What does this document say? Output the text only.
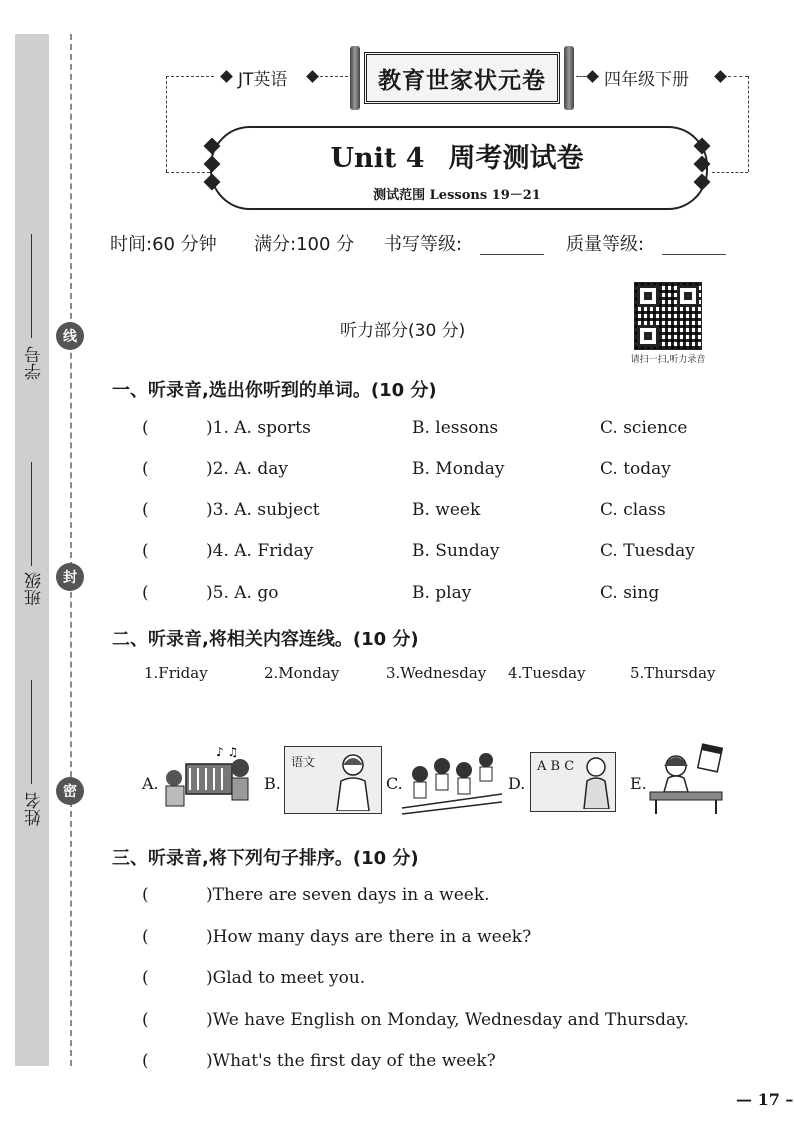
学号
班级
姓名
线
封
密
JT英语	教育世家状元卷	四年级下册
Unit 4 周考测试卷
测试范围 Lessons 19－21
时间:60 分钟 满分:100 分 书写等级:	质量等级:
请扫一扫,听力录音
听力部分(30 分)
一、听录音,选出你听到的单词。(10 分)
(	)1. A. sports	B. lessons	C. science
(	)2. A. day	B. Monday	C. today
(	)3. A. subject	B. week	C. class
(	)4. A. Friday	B. Sunday	C. Tuesday
(	)5. A. go	B. play	C. sing
二、听录音,将相关内容连线。(10 分)
1.Friday	2.Monday	3.Wednesday 4.Tuesday	5.Thursday
A.
♪ ♫
B.
语文
C.	D.
A B C
E.
三、听录音,将下列句子排序。(10 分)
(	)There are seven days in a week.
(	)How many days are there in a week?
(	)Glad to meet you.
(	)We have English on Monday, Wednesday and Thursday.
(	)What's the first day of the week?
— 17 –
